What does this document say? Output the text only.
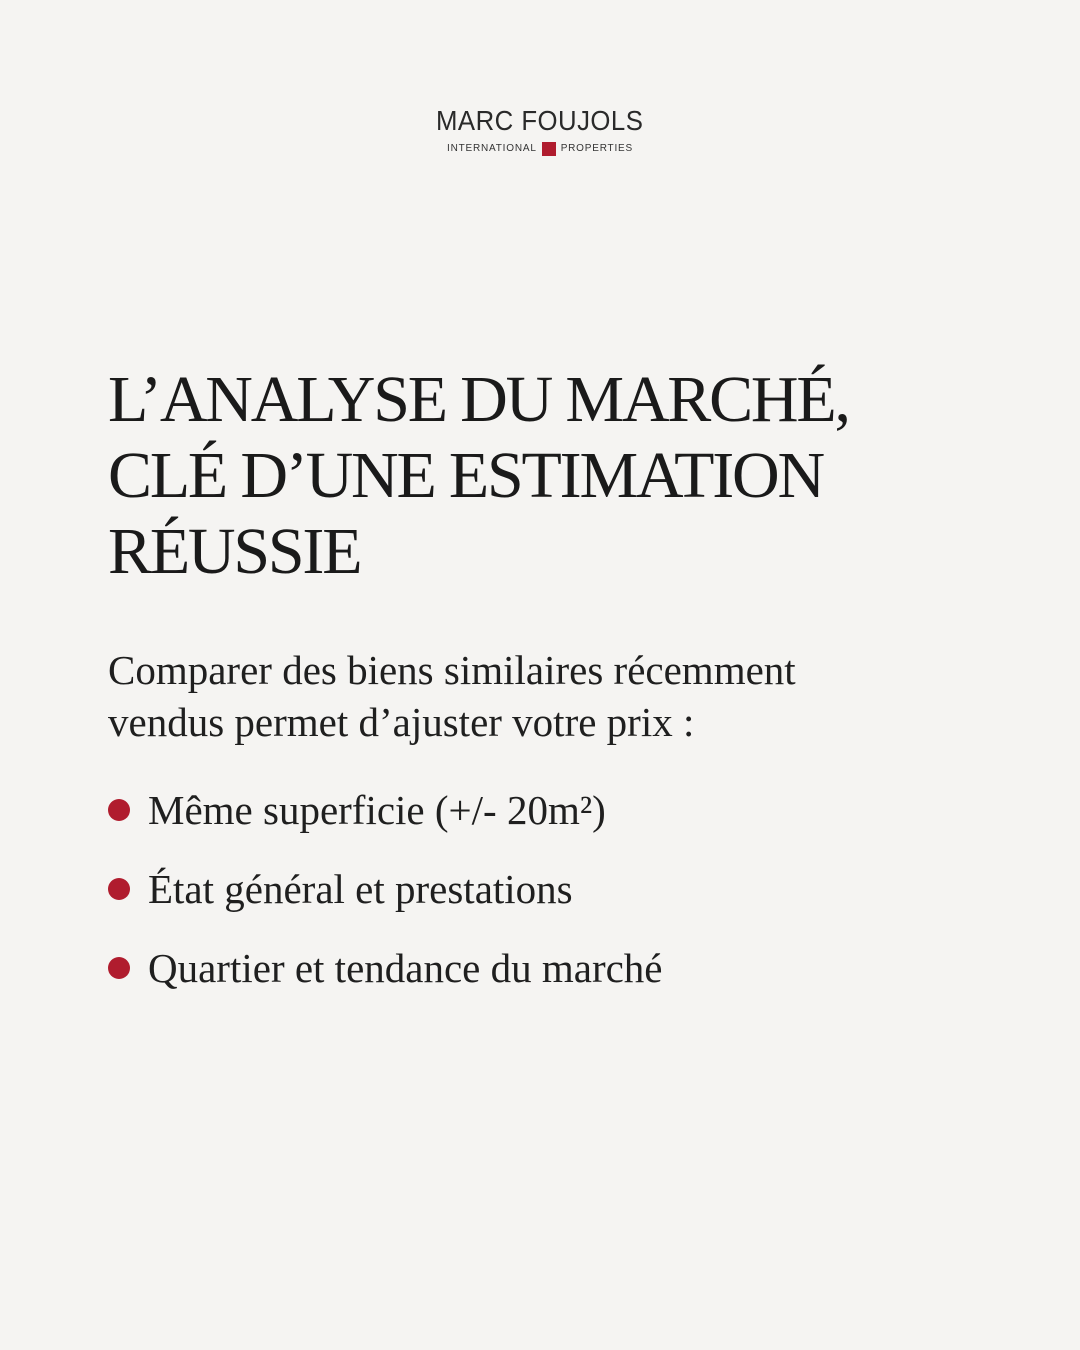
MARC FOUJOLS
INTERNATIONAL PROPERTIES
L’ANALYSE DU MARCHÉ,
CLÉ D’UNE ESTIMATION
RÉUSSIE

Comparer des biens similaires récemment
vendus permet d’ajuster votre prix :

Même superficie (+/- 20m²)
État général et prestations
Quartier et tendance du marché
